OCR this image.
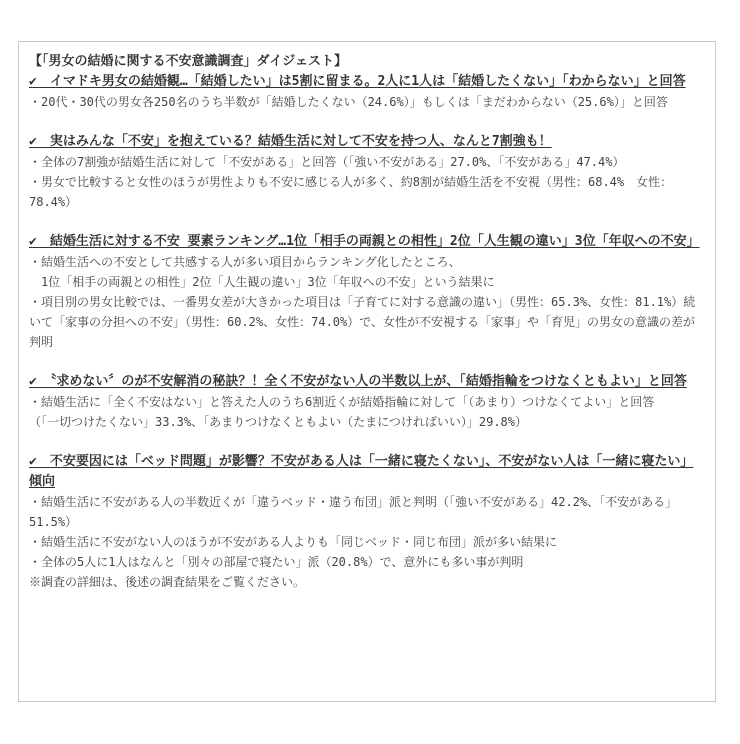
【「男女の結婚に関する不安意識調査」ダイジェスト】
✔　イマドキ男女の結婚観…「結婚したい」は5割に留まる。2人に1人は「結婚したくない」「わからない」と回答
・20代・30代の男女各250名のうち半数が「結婚したくない（24.6%）」もしくは「まだわからない（25.6%）」と回答
✔　実はみんな「不安」を抱えている？結婚生活に対して不安を持つ人、なんと7割強も！
・全体の7割強が結婚生活に対して「不安がある」と回答（「強い不安がある」27.0%、「不安がある」47.4%）
・男女で比較すると女性のほうが男性よりも不安に感じる人が多く、約8割が結婚生活を不安視（男性：68.4%　女性：78.4%）
✔　結婚生活に対する不安 要素ランキング…1位「相手の両親との相性」2位「人生観の違い」3位「年収への不安」
・結婚生活への不安として共感する人が多い項目からランキング化したところ、
　1位「相手の両親との相性」2位「人生観の違い」3位「年収への不安」という結果に
・項目別の男女比較では、一番男女差が大きかった項目は「子育てに対する意識の違い」（男性：65.3%、女性：81.1%）続いて「家事の分担への不安」（男性：60.2%、女性：74.0%）で、女性が不安視する「家事」や「育児」の男女の意識の差が判明
✔　〝求めない〞のが不安解消の秘訣？！全く不安がない人の半数以上が、「結婚指輪をつけなくともよい」と回答
・結婚生活に「全く不安はない」と答えた人のうち6割近くが結婚指輪に対して「（あまり）つけなくてよい」と回答
（「一切つけたくない」33.3%、「あまりつけなくともよい（たまにつければいい）」29.8%）
✔　不安要因には「ベッド問題」が影響？不安がある人は「一緒に寝たくない」、不安がない人は「一緒に寝たい」傾向
・結婚生活に不安がある人の半数近くが「違うベッド・違う布団」派と判明（「強い不安がある」42.2%、「不安がある」51.5%）
・結婚生活に不安がない人のほうが不安がある人よりも「同じベッド・同じ布団」派が多い結果に
・全体の5人に1人はなんと「別々の部屋で寝たい」派（20.8%）で、意外にも多い事が判明
※調査の詳細は、後述の調査結果をご覧ください。
